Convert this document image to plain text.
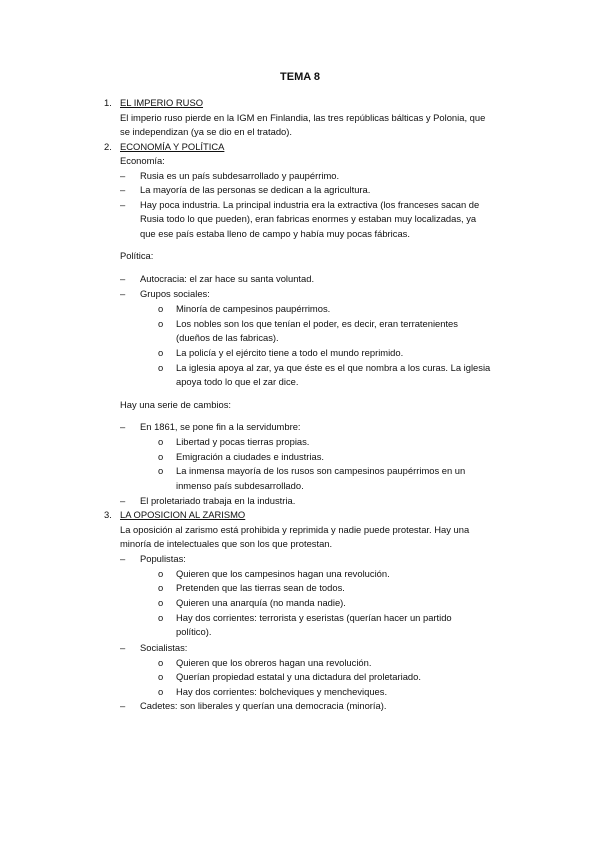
TEMA 8
1. EL IMPERIO RUSO
El imperio ruso pierde en la IGM en Finlandia, las tres repúblicas bálticas y Polonia, que
se independizan (ya se dio en el tratado).
2. ECONOMÍA Y POLÍTICA
Economía:
– Rusia es un país subdesarrollado y paupérrimo.
– La mayoría de las personas se dedican a la agricultura.
– Hay poca industria. La principal industria era la extractiva (los franceses sacan de
Rusia todo lo que pueden), eran fabricas enormes y estaban muy localizadas, ya
que ese país estaba lleno de campo y había muy pocas fábricas.
Política:
– Autocracia: el zar hace su santa voluntad.
– Grupos sociales:
o Minoría de campesinos paupérrimos.
o Los nobles son los que tenían el poder, es decir, eran terratenientes
(dueños de las fabricas).
o La policía y el ejército tiene a todo el mundo reprimido.
o La iglesia apoya al zar, ya que éste es el que nombra a los curas. La iglesia
apoya todo lo que el zar dice.
Hay una serie de cambios:
– En 1861, se pone fin a la servidumbre:
o Libertad y pocas tierras propias.
o Emigración a ciudades e industrias.
o La inmensa mayoría de los rusos son campesinos paupérrimos en un
inmenso país subdesarrollado.
– El proletariado trabaja en la industria.
3. LA OPOSICION AL ZARISMO
La oposición al zarismo está prohibida y reprimida y nadie puede protestar. Hay una
minoría de intelectuales que son los que protestan.
– Populistas:
o Quieren que los campesinos hagan una revolución.
o Pretenden que las tierras sean de todos.
o Quieren una anarquía (no manda nadie).
o Hay dos corrientes: terrorista y eseristas (querían hacer un partido
político).
– Socialistas:
o Quieren que los obreros hagan una revolución.
o Querían propiedad estatal y una dictadura del proletariado.
o Hay dos corrientes: bolcheviques y mencheviques.
– Cadetes: son liberales y querían una democracia (minoría).
